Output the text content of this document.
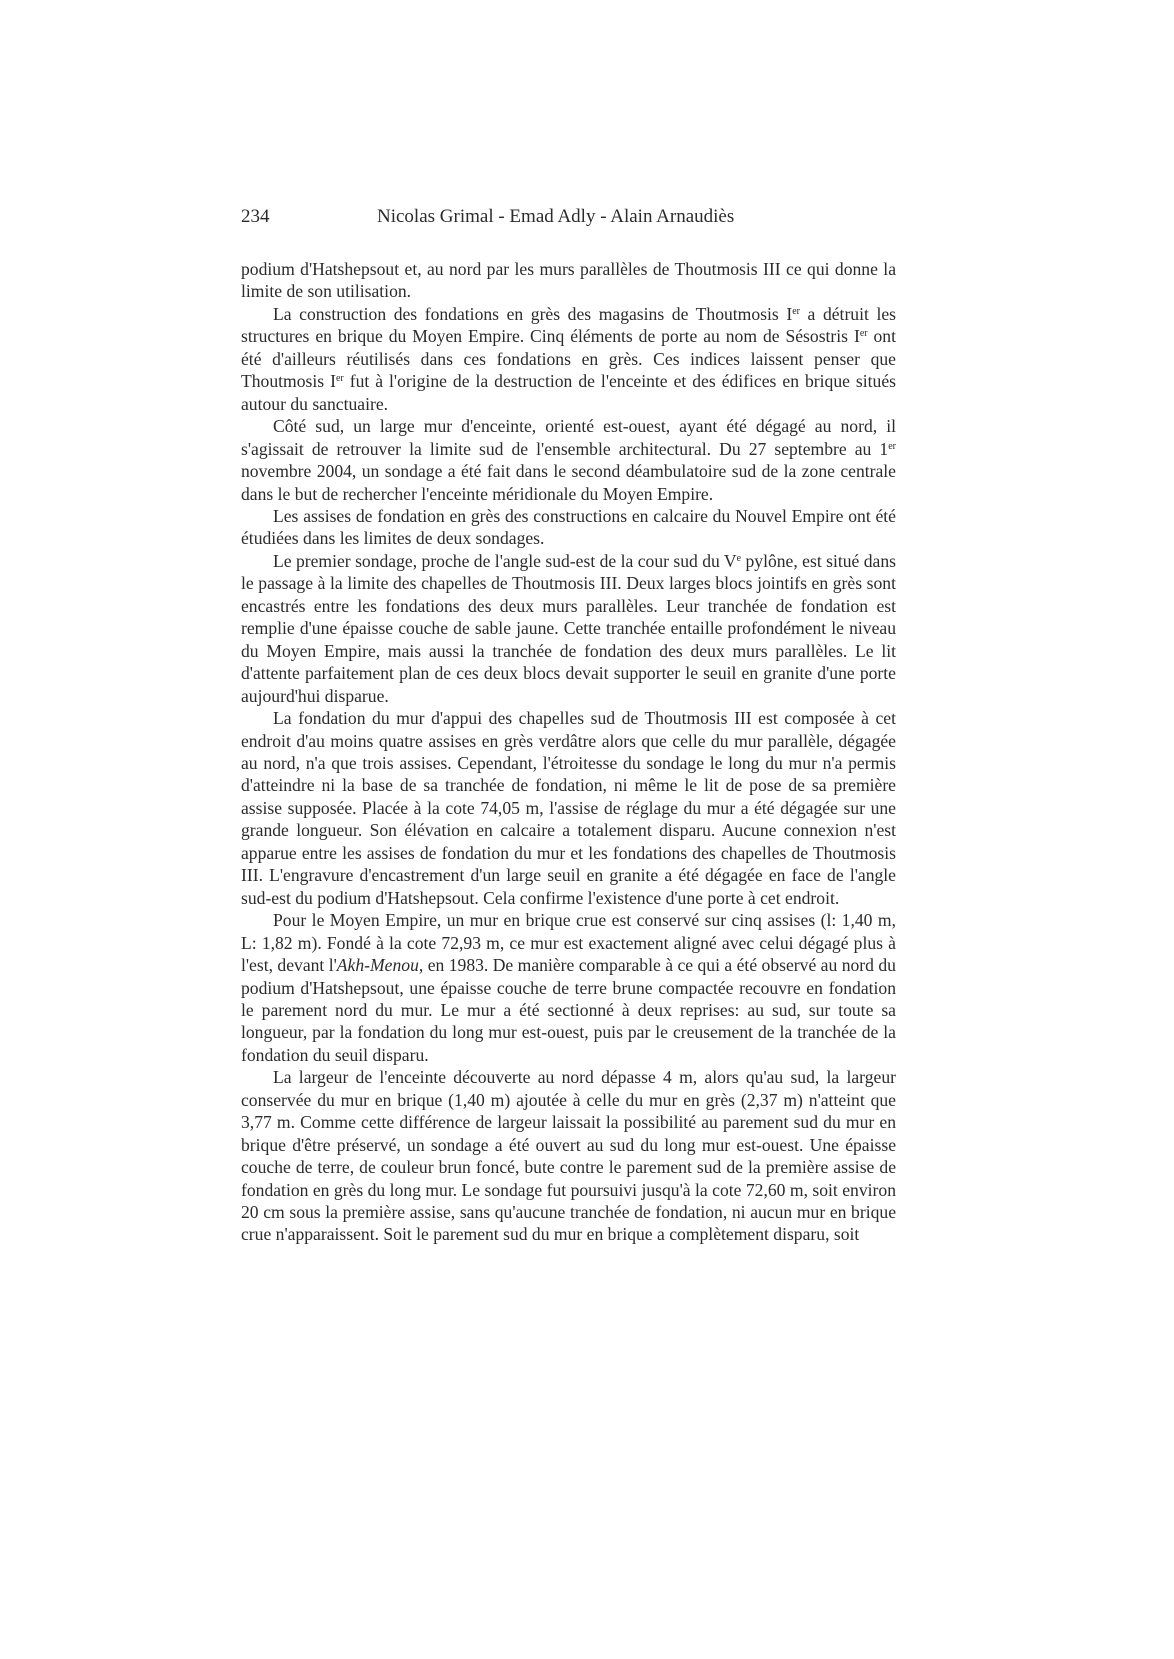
234	Nicolas Grimal - Emad Adly - Alain Arnaudiès

podium d'Hatshepsout et, au nord par les murs parallèles de Thoutmosis III ce qui donne la limite de son utilisation.

La construction des fondations en grès des magasins de Thoutmosis Ier a détruit les structures en brique du Moyen Empire. Cinq éléments de porte au nom de Sésostris Ier ont été d'ailleurs réutilisés dans ces fondations en grès. Ces indices laissent penser que Thoutmosis Ier fut à l'origine de la destruction de l'enceinte et des édifices en brique situés autour du sanctuaire.

Côté sud, un large mur d'enceinte, orienté est-ouest, ayant été dégagé au nord, il s'agissait de retrouver la limite sud de l'ensemble architectural. Du 27 septembre au 1er novembre 2004, un sondage a été fait dans le second déambulatoire sud de la zone centrale dans le but de rechercher l'enceinte méridionale du Moyen Empire.

Les assises de fondation en grès des constructions en calcaire du Nouvel Empire ont été étudiées dans les limites de deux sondages.

Le premier sondage, proche de l'angle sud-est de la cour sud du Ve pylône, est situé dans le passage à la limite des chapelles de Thoutmosis III. Deux larges blocs jointifs en grès sont encastrés entre les fondations des deux murs parallèles. Leur tranchée de fondation est remplie d'une épaisse couche de sable jaune. Cette tranchée entaille profondément le niveau du Moyen Empire, mais aussi la tranchée de fondation des deux murs parallèles. Le lit d'attente parfaitement plan de ces deux blocs devait supporter le seuil en granite d'une porte aujourd'hui disparue.

La fondation du mur d'appui des chapelles sud de Thoutmosis III est composée à cet endroit d'au moins quatre assises en grès verdâtre alors que celle du mur parallèle, dégagée au nord, n'a que trois assises. Cependant, l'étroitesse du sondage le long du mur n'a permis d'atteindre ni la base de sa tranchée de fondation, ni même le lit de pose de sa première assise supposée. Placée à la cote 74,05 m, l'assise de réglage du mur a été dégagée sur une grande longueur. Son élévation en calcaire a totalement disparu. Aucune connexion n'est apparue entre les assises de fondation du mur et les fondations des chapelles de Thoutmosis III. L'engravure d'encastrement d'un large seuil en granite a été dégagée en face de l'angle sud-est du podium d'Hatshepsout. Cela confirme l'existence d'une porte à cet endroit.

Pour le Moyen Empire, un mur en brique crue est conservé sur cinq assises (l: 1,40 m, L: 1,82 m). Fondé à la cote 72,93 m, ce mur est exactement aligné avec celui dégagé plus à l'est, devant l'Akh-Menou, en 1983. De manière comparable à ce qui a été observé au nord du podium d'Hatshepsout, une épaisse couche de terre brune compactée recouvre en fondation le parement nord du mur. Le mur a été sectionné à deux reprises: au sud, sur toute sa longueur, par la fondation du long mur est-ouest, puis par le creusement de la tranchée de la fondation du seuil disparu.

La largeur de l'enceinte découverte au nord dépasse 4 m, alors qu'au sud, la largeur conservée du mur en brique (1,40 m) ajoutée à celle du mur en grès (2,37 m) n'atteint que 3,77 m. Comme cette différence de largeur laissait la possibilité au parement sud du mur en brique d'être préservé, un sondage a été ouvert au sud du long mur est-ouest. Une épaisse couche de terre, de couleur brun foncé, bute contre le parement sud de la première assise de fondation en grès du long mur. Le sondage fut poursuivi jusqu'à la cote 72,60 m, soit environ 20 cm sous la première assise, sans qu'aucune tranchée de fondation, ni aucun mur en brique crue n'apparaissent. Soit le parement sud du mur en brique a complètement disparu, soit
